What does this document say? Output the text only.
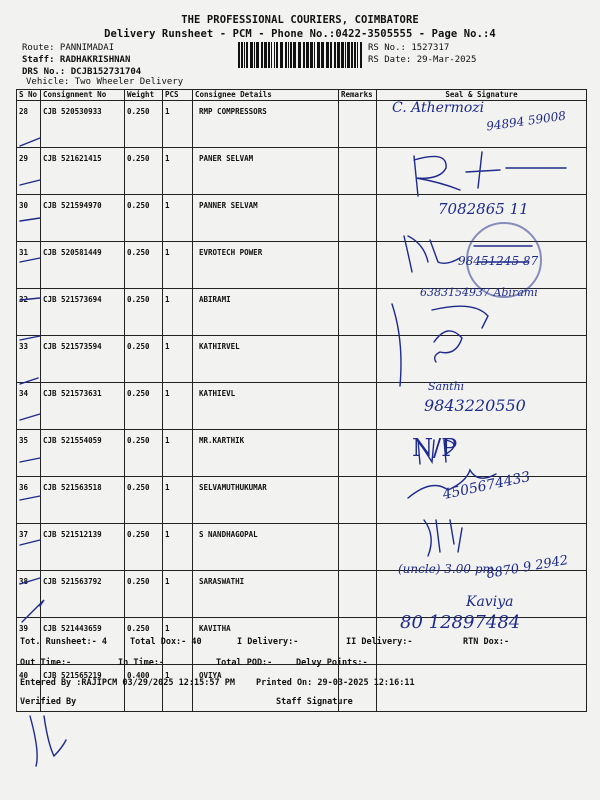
THE PROFESSIONAL COURIERS, COIMBATORE
Delivery Runsheet - PCM - Phone No.:0422-3505555 - Page No.:4
Route: PANNIMADAI
Staff: RADHAKRISHNAN
DRS No.: DCJB152731704
Vehicle: Two Wheeler Delivery
RS No.: 1527317
RS Date: 29-Mar-2025
S No	Consignment No	Weight	PCS	Consignee Details	Remarks	Seal & Signature
28	CJB 520530933	0.250	1	RMP COMPRESSORS		
29	CJB 521621415	0.250	1	PANER SELVAM		
30	CJB 521594970	0.250	1	PANNER SELVAM		
31	CJB 520581449	0.250	1	EVROTECH POWER		
32	CJB 521573694	0.250	1	ABIRAMI		
33	CJB 521573594	0.250	1	KATHIRVEL		
34	CJB 521573631	0.250	1	KATHIEVL		
35	CJB 521554059	0.250	1	MR.KARTHIK		
36	CJB 521563518	0.250	1	SELVAMUTHUKUMAR		
37	CJB 521512139	0.250	1	S NANDHAGOPAL		
38	CJB 521563792	0.250	1	SARASWATHI		
39	CJB 521443659	0.250	1	KAVITHA		
40	CJB 521565219	0.400	1	OVIYA		
Tot. Runsheet:- 4	Total Dox:- 40	I Delivery:-	II Delivery:-	RTN Dox:-
Out Time:-	In Time:-	Total POD:-	Delvy Points:-
Entered By :RAJIPCM 03/29/2025 12:15:57 PM Printed On: 29-03-2025 12:16:11
Verified By	Staff Signature
C. Athermozi
94894 59008
7082865 11
98451245 87
6383154937 Abirami
Santhi
9843220550
N/P
4505674433
(uncle) 3.00 pm
8870 9 2942
Kaviya
80 12897484
